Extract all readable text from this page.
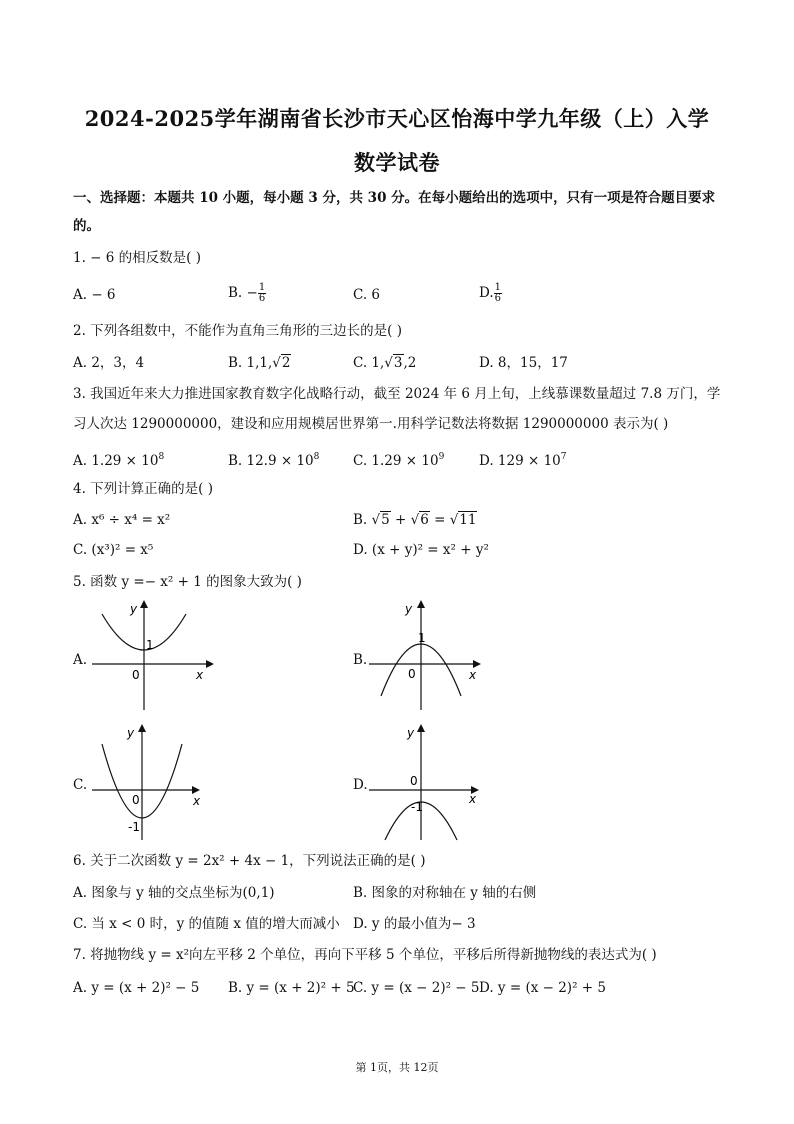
2024-2025学年湖南省长沙市天心区怡海中学九年级（上）入学
数学试卷
一、选择题：本题共 10 小题，每小题 3 分，共 30 分。在每小题给出的选项中，只有一项是符合题目要求
的。
1. − 6 的相反数是( )
A. − 6	B. − $\frac{1}{6}$	C. 6	D. $\frac{1}{6}$
2. 下列各组数中，不能作为直角三角形的三边长的是( )
A. 2，3，4	B. 1,1,√2	C. 1,√3,2	D. 8，15，17
3. 我国近年来大力推进国家教育数字化战略行动，截至 2024 年 6 月上旬，上线慕课数量超过 7.8 万门，学
习人次达 1290000000，建设和应用规模居世界第一.用科学记数法将数据 1290000000 表示为( )
A. $1.29 \times 10^8$	B. $12.9 \times 10^8$ C. $1.29 \times 10^9$	D. $129 \times 10^7$
4. 下列计算正确的是( )
A. x⁶ ÷ x⁴ = x²	B. √5 + √6 = √11
C. (x³)² = x⁵	D. (x + y)² = x² + y²
5. 函数 y =− x² + 1 的图象大致为( )
A.
y
x
0
1
B.
y
x
0
1
C.
y
x
0
-1
D.
y
x
0
-1
6. 关于二次函数 y = 2x² + 4x − 1，下列说法正确的是( )
A. 图象与 y 轴的交点坐标为(0,1)	B. 图象的对称轴在 y 轴的右侧
C. 当 x < 0 时，y 的值随 x 值的增大而减小 D. y 的最小值为− 3
7. 将抛物线 y = x²向左平移 2 个单位，再向下平移 5 个单位，平移后所得新抛物线的表达式为( )
A. y = (x + 2)² − 5 B. y = (x + 2)² + 5
C. y = (x − 2)² − 5 D. y = (x − 2)² + 5
第 1页，共 12页
